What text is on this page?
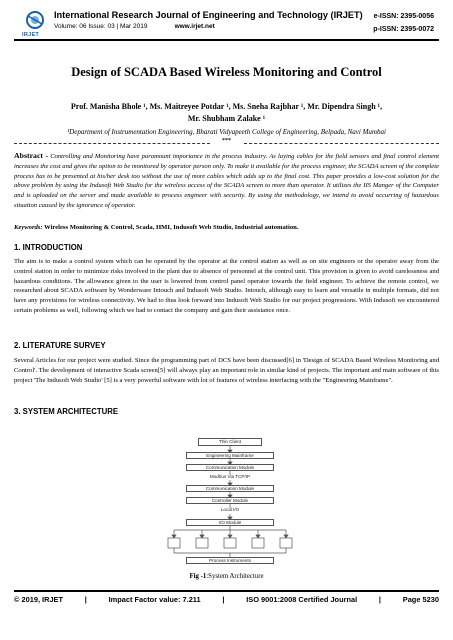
IRJET
International Research Journal of Engineering and Technology (IRJET)
Volume: 06 Issue: 03 | Mar 2019	www.irjet.net
e-ISSN: 2395-0056
p-ISSN: 2395-0072
Design of SCADA Based Wireless Monitoring and Control
Prof. Manisha Bhole ¹, Ms. Maitreyee Potdar ¹, Ms. Sneha Rajbhar ¹, Mr. Dipendra Singh ¹,
Mr. Shubham Zalake ¹
¹Department of Instrumentation Engineering, Bharati Vidyapeeth College of Engineering, Belpada, Navi Mumbai
***
Abstract - Controlling and Monitoring have paramount importance in the process industry. As laying cables for the field sensors and final control element increases the cost and gives the option to be monitored by operator person only. To make it available for the process engineer, the SCADA screen of the complete process has to be presented at his/her desk too without the use of more cables which adds up to the final cost. This paper provides a low-cost solution for the above problem by using the Indusoft Web Studio for the wireless access of the SCADA screen to more than operator. It utilizes the IIS Manger of the Computer and is uploaded on the server and made available to process engineer with security. By using the methodology, we intend to avoid occurring of hazardous situation caused by the ignorance of operator.
Keywords: Wireless Monitoring & Control, Scada, HMI, Indusoft Web Studio, Industrial automation.
1. INTRODUCTION
The aim is to make a control system which can be operated by the operator at the control station as well as on site engineers or the operator away from the control station in order to minimize risks involved in the plant due to absence of personnel at the control unit. This provision is given to avoid carelessness and hazardous conditions. The allowance given to the user is lowered from control panel operator towards the field engineer. To achieve the remote control, we researched about SCADA software by Wonderware Intouch and Indusoft Web Studio. Intouch, although easy to learn and versatile in multiple formats, did not have any provisions for wireless connectivity. We had to thus look forward into Indusoft Web Studio for our project progressions. With Indusoft we encountered certain problems as well, following which we had to contact the company and gain their assistance once.
2. LITERATURE SURVEY
Several Articles for our project were studied. Since the programming part of DCS have been discussed[6] in 'Design of SCADA Based Wireless Monitoring and Control'. The development of interactive Scada screen[5] will always play an important role in similar kind of projects. The important and main software of this project 'The Indusoft Web Studio' [5] is a very powerful software with lot of features of wireless interfacing with the "Engineering Mainframe".
3. SYSTEM ARCHITECTURE
Thin Client
Engineering Mainframe
Communication Module
Modbus Via TCP/IP
Communication Module
Controller Module
Local I/O
I/O Module
Process Instruments
Fig -1:System Architecture
© 2019, IRJET	|	Impact Factor value: 7.211	|	ISO 9001:2008 Certified Journal	|	Page 5230
